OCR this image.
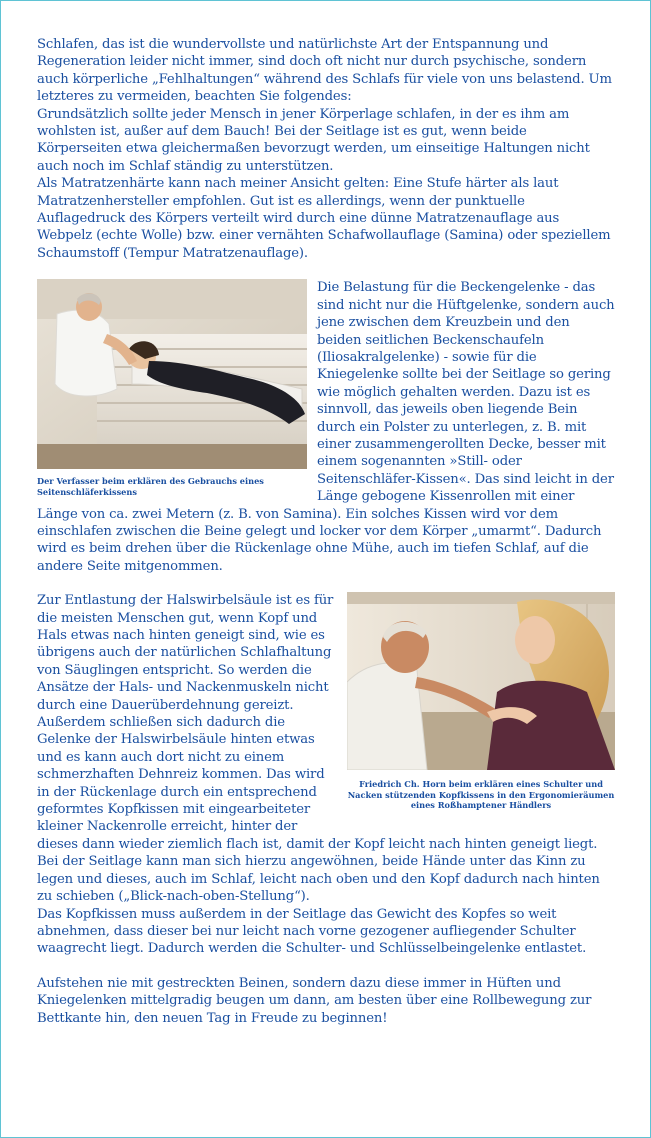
Schlafen, das ist die wundervollste und natürlichste Art der Entspannung und Regeneration leider nicht immer, sind doch oft nicht nur durch psychische, sondern auch körperliche „Fehlhaltungen“ während des Schlafs für viele von uns belastend. Um letzteres zu vermeiden, beachten Sie folgendes:

Grundsätzlich sollte jeder Mensch in jener Körperlage schlafen, in der es ihm am wohlsten ist, außer auf dem Bauch! Bei der Seitlage ist es gut, wenn beide Körperseiten etwa gleichermaßen bevorzugt werden, um einseitige Haltungen nicht auch noch im Schlaf ständig zu unterstützen.

Als Matratzenhärte kann nach meiner Ansicht gelten: Eine Stufe härter als laut Matratzenhersteller empfohlen. Gut ist es allerdings, wenn der punktuelle Auflagedruck des Körpers verteilt wird durch eine dünne Matratzenauflage aus Webpelz (echte Wolle) bzw. einer vernähten Schafwollauflage (Samina) oder speziellem Schaumstoff (Tempur Matratzenauflage).

Der Verfasser beim erklären des Gebrauchs eines Seitenschläferkissens

Die Belastung für die Beckengelenke - das sind nicht nur die Hüftgelenke, sondern auch jene zwischen dem Kreuzbein und den beiden seitlichen Beckenschaufeln (Iliosakralgelenke) - sowie für die Kniegelenke sollte bei der Seitlage so gering wie möglich gehalten werden. Dazu ist es sinnvoll, das jeweils oben liegende Bein durch ein Polster zu unterlegen, z. B. mit einer zusammengerollten Decke, besser mit einem sogenannten »Still- oder Seitenschläfer-Kissen«. Das sind leicht in der Länge gebogene Kissenrollen mit einer Länge von ca. zwei Metern (z. B. von Samina). Ein solches Kissen wird vor dem einschlafen zwischen die Beine gelegt und locker vor dem Körper „umarmt“. Dadurch wird es beim drehen über die Rückenlage ohne Mühe, auch im tiefen Schlaf, auf die andere Seite mitgenommen.

Friedrich Ch. Horn beim erklären eines Schulter und Nacken stützenden Kopfkissens in den Ergonomieräumen eines Roßhamptener Händlers

Zur Entlastung der Halswirbelsäule ist es für die meisten Menschen gut, wenn Kopf und Hals etwas nach hinten geneigt sind, wie es übrigens auch der natürlichen Schlafhaltung von Säuglingen entspricht. So werden die Ansätze der Hals- und Nackenmuskeln nicht durch eine Dauerüberdehnung gereizt. Außerdem schließen sich dadurch die Gelenke der Halswirbelsäule hinten etwas und es kann auch dort nicht zu einem schmerzhaften Dehnreiz kommen. Das wird in der Rückenlage durch ein entsprechend geformtes Kopfkissen mit eingearbeiteter kleiner Nackenrolle erreicht, hinter der dieses dann wieder ziemlich flach ist, damit der Kopf leicht nach hinten geneigt liegt. Bei der Seitlage kann man sich hierzu angewöhnen, beide Hände unter das Kinn zu legen und dieses, auch im Schlaf, leicht nach oben und den Kopf dadurch nach hinten zu schieben („Blick-nach-oben-Stellung“).

Das Kopfkissen muss außerdem in der Seitlage das Gewicht des Kopfes so weit abnehmen, dass dieser bei nur leicht nach vorne gezogener aufliegender Schulter waagrecht liegt. Dadurch werden die Schulter- und Schlüsselbeingelenke entlastet.

Aufstehen nie mit gestreckten Beinen, sondern dazu diese immer in Hüften und Kniegelenken mittelgradig beugen um dann, am besten über eine Rollbewegung zur Bettkante hin, den neuen Tag in Freude zu beginnen!
